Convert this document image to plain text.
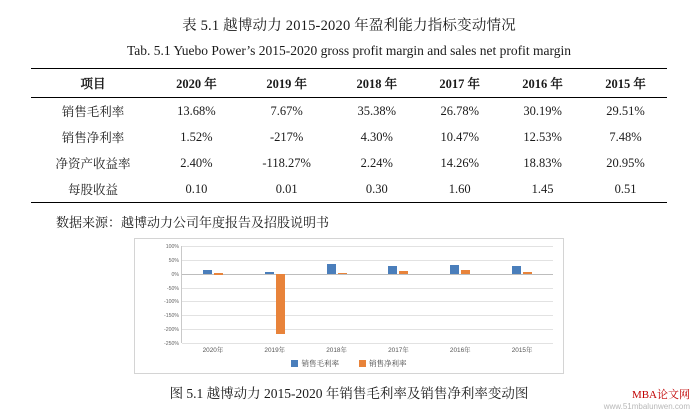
表 5.1 越博动力 2015-2020 年盈利能力指标变动情况
Tab. 5.1 Yuebo Power’s 2015-2020 gross profit margin and sales net profit margin
项目	2020 年	2019 年	2018 年	2017 年	2016 年	2015 年
销售毛利率	13.68%	7.67%	35.38%	26.78%	30.19%	29.51%
销售净利率	1.52%	-217%	4.30%	10.47%	12.53%	7.48%
净资产收益率	2.40%	-118.27%	2.24%	14.26%	18.83%	20.95%
每股收益	0.10	0.01	0.30	1.60	1.45	0.51
数据来源：越博动力公司年度报告及招股说明书
100%
50%
0%
-50%
-100%
-150%
-200%
-250%
2020年	2019年	2018年	2017年	2016年	2015年
销售毛利率	销售净利率
图 5.1 越博动力 2015-2020 年销售毛利率及销售净利率变动图	MBA论文网
www.51mbalunwen.com
